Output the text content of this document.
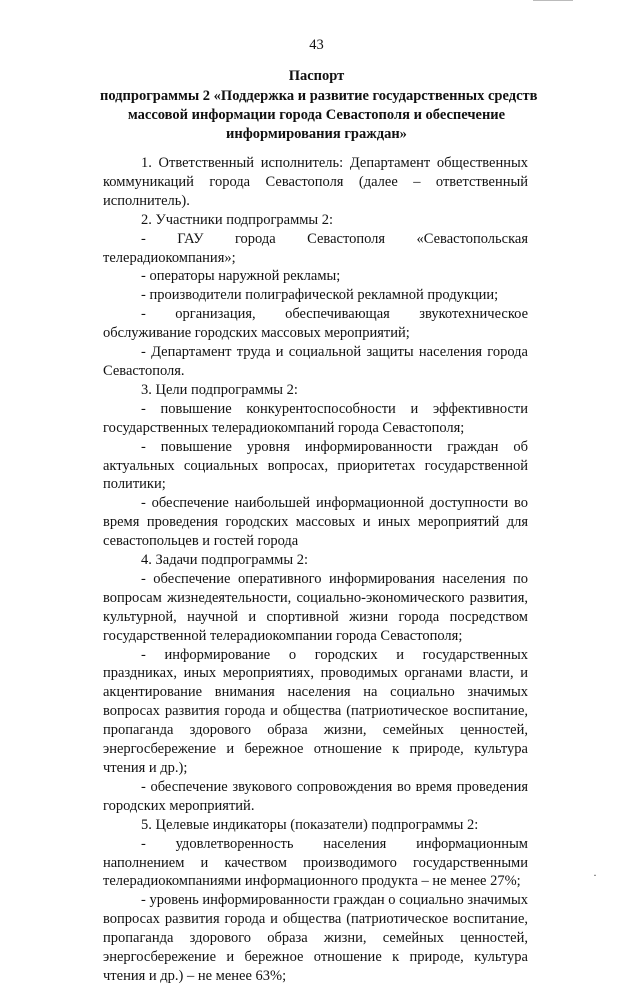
43
Паспорт
подпрограммы 2 «Поддержка и развитие государственных средств
массовой информации города Севастополя и обеспечение
информирования граждан»

1. Ответственный исполнитель: Департамент общественных коммуникаций города Севастополя (далее – ответственный исполнитель).

2. Участники подпрограммы 2:

- ГАУ города Севастополя «Севастопольская телерадиокомпания»;

- операторы наружной рекламы;

- производители полиграфической рекламной продукции;

- организация, обеспечивающая звукотехническое обслуживание городских массовых мероприятий;

- Департамент труда и социальной защиты населения города Севастополя.

3. Цели подпрограммы 2:

- повышение конкурентоспособности и эффективности государственных телерадиокомпаний города Севастополя;

- повышение уровня информированности граждан об актуальных социальных вопросах, приоритетах государственной политики;

- обеспечение наибольшей информационной доступности во время проведения городских массовых и иных мероприятий для севастопольцев и гостей города

4. Задачи подпрограммы 2:

- обеспечение оперативного информирования населения по вопросам жизнедеятельности, социально-экономического развития, культурной, научной и спортивной жизни города посредством государственной телерадиокомпании города Севастополя;

- информирование о городских и государственных праздниках, иных мероприятиях, проводимых органами власти, и акцентирование внимания населения на социально значимых вопросах развития города и общества (патриотическое воспитание, пропаганда здорового образа жизни, семейных ценностей, энергосбережение и бережное отношение к природе, культура чтения и др.);

- обеспечение звукового сопровождения во время проведения городских мероприятий.

5. Целевые индикаторы (показатели) подпрограммы 2:

- удовлетворенность населения информационным наполнением и качеством производимого государственными телерадиокомпаниями информационного продукта – не менее 27%;

- уровень информированности граждан о социально значимых вопросах развития города и общества (патриотическое воспитание, пропаганда здорового образа жизни, семейных ценностей, энергосбережение и бережное отношение к природе, культура чтения и др.) – не менее 63%;

·
